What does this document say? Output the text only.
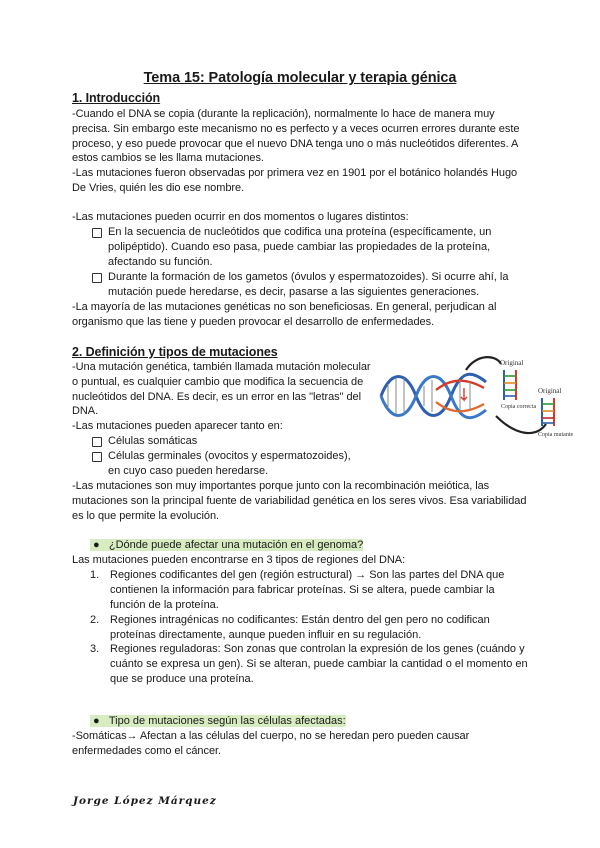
Tema 15: Patología molecular y terapia génica
1. Introducción
-Cuando el DNA se copia (durante la replicación), normalmente lo hace de manera muy precisa. Sin embargo este mecanismo no es perfecto y a veces ocurren errores durante este proceso, y eso puede provocar que el nuevo DNA tenga uno o más nucleótidos diferentes. A estos cambios se les llama mutaciones.
-Las mutaciones fueron observadas por primera vez en 1901 por el botánico holandés Hugo De Vries, quién les dio ese nombre.
-Las mutaciones pueden ocurrir en dos momentos o lugares distintos:
En la secuencia de nucleótidos que codifica una proteína (específicamente, un polipéptido). Cuando eso pasa, puede cambiar las propiedades de la proteína, afectando su función.
Durante la formación de los gametos (óvulos y espermatozoides). Si ocurre ahí, la mutación puede heredarse, es decir, pasarse a las siguientes generaciones.
-La mayoría de las mutaciones genéticas no son beneficiosas. En general, perjudican al organismo que las tiene y pueden provocar el desarrollo de enfermedades.
2. Definición y tipos de mutaciones
-Una mutación genética, también llamada mutación molecular o puntual, es cualquier cambio que modifica la secuencia de nucleótidos del DNA. Es decir, es un error en las "letras" del DNA.
-Las mutaciones pueden aparecer tanto en:
Células somáticas
Células germinales (ovocitos y espermatozoides), en cuyo caso pueden heredarse.
Original
Copia correcta
Original
Copia mutante
-Las mutaciones son muy importantes porque junto con la recombinación meiótica, las mutaciones son la principal fuente de variabilidad genética en los seres vivos. Esa variabilidad es lo que permite la evolución.
●   ¿Dónde puede afectar una mutación en el genoma?
Las mutaciones pueden encontrarse en 3 tipos de regiones del DNA:
1. Regiones codificantes del gen (región estructural) → Son las partes del DNA que contienen la información para fabricar proteínas. Si se altera, puede cambiar la función de la proteína.
2. Regiones intragénicas no codificantes: Están dentro del gen pero no codifican proteínas directamente, aunque pueden influir en su regulación.
3. Regiones reguladoras: Son zonas que controlan la expresión de los genes (cuándo y cuánto se expresa un gen). Si se alteran, puede cambiar la cantidad o el momento en que se produce una proteína.
●   Tipo de mutaciones según las células afectadas:
-Somáticas→ Afectan a las células del cuerpo, no se heredan pero pueden causar enfermedades como el cáncer.
Jorge López Márquez
